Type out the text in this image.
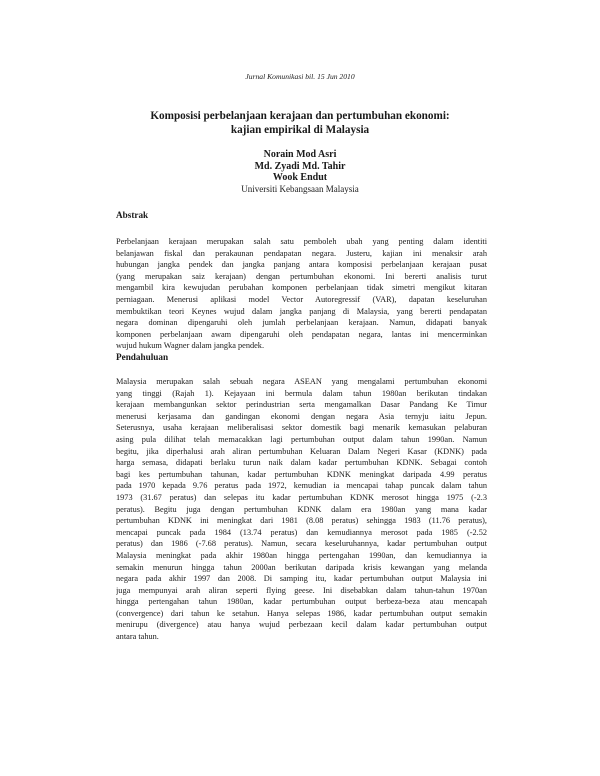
Jurnal Komunikasi bil. 15 Jun 2010
Komposisi perbelanjaan kerajaan dan pertumbuhan ekonomi:
kajian empirikal di Malaysia
Norain Mod Asri
Md. Zyadi Md. Tahir
Wook Endut
Universiti Kebangsaan Malaysia
Abstrak
Perbelanjaan kerajaan merupakan salah satu pemboleh ubah yang penting dalam identiti
belanjawan fiskal dan perakaunan pendapatan negara. Justeru, kajian ini menaksir arah
hubungan jangka pendek dan jangka panjang antara komposisi perbelanjaan kerajaan pusat
(yang merupakan saiz kerajaan) dengan pertumbuhan ekonomi. Ini bererti analisis turut
mengambil kira kewujudan perubahan komponen perbelanjaan tidak simetri mengikut kitaran
perniagaan. Menerusi aplikasi model Vector Autoregressif (VAR), dapatan keseluruhan
membuktikan teori Keynes wujud dalam jangka panjang di Malaysia, yang bererti pendapatan
negara dominan dipengaruhi oleh jumlah perbelanjaan kerajaan. Namun, didapati banyak
komponen perbelanjaan awam dipengaruhi oleh pendapatan negara, lantas ini mencerminkan
wujud hukum Wagner dalam jangka pendek.
Pendahuluan
Malaysia merupakan salah sebuah negara ASEAN yang mengalami pertumbuhan ekonomi
yang tinggi (Rajah 1). Kejayaan ini bermula dalam tahun 1980an berikutan tindakan
kerajaan membangunkan sektor perindustrian serta mengamalkan Dasar Pandang Ke Timur
menerusi kerjasama dan gandingan ekonomi dengan negara Asia ternyju iaitu Jepun.
Seterusnya, usaha kerajaan meliberalisasi sektor domestik bagi menarik kemasukan pelaburan
asing pula dilihat telah memacakkan lagi pertumbuhan output dalam tahun 1990an. Namun
begitu, jika diperhalusi arah aliran pertumbuhan Keluaran Dalam Negeri Kasar (KDNK) pada
harga semasa, didapati berlaku turun naik dalam kadar pertumbuhan KDNK. Sebagai contoh
bagi kes pertumbuhan tahunan, kadar pertumbuhan KDNK meningkat daripada 4.99 peratus
pada 1970 kepada 9.76 peratus pada 1972, kemudian ia mencapai tahap puncak dalam tahun
1973 (31.67 peratus) dan selepas itu kadar pertumbuhan KDNK merosot hingga 1975 (-2.3
peratus). Begitu juga dengan pertumbuhan KDNK dalam era 1980an yang mana kadar
pertumbuhan KDNK ini meningkat dari 1981 (8.08 peratus) sehingga 1983 (11.76 peratus),
mencapai puncak pada 1984 (13.74 peratus) dan kemudiannya merosot pada 1985 (-2.52
peratus) dan 1986 (-7.68 peratus). Namun, secara keseluruhannya, kadar pertumbuhan output
Malaysia meningkat pada akhir 1980an hingga pertengahan 1990an, dan kemudiannya ia
semakin menurun hingga tahun 2000an berikutan daripada krisis kewangan yang melanda
negara pada akhir 1997 dan 2008. Di samping itu, kadar pertumbuhan output Malaysia ini
juga mempunyai arah aliran seperti flying geese. Ini disebabkan dalam tahun-tahun 1970an
hingga pertengahan tahun 1980an, kadar pertumbuhan output berbeza-beza atau mencapah
(convergence) dari tahun ke setahun. Hanya selepas 1986, kadar pertumbuhan output semakin
menirupu (divergence) atau hanya wujud perbezaan kecil dalam kadar pertumbuhan output
antara tahun.
